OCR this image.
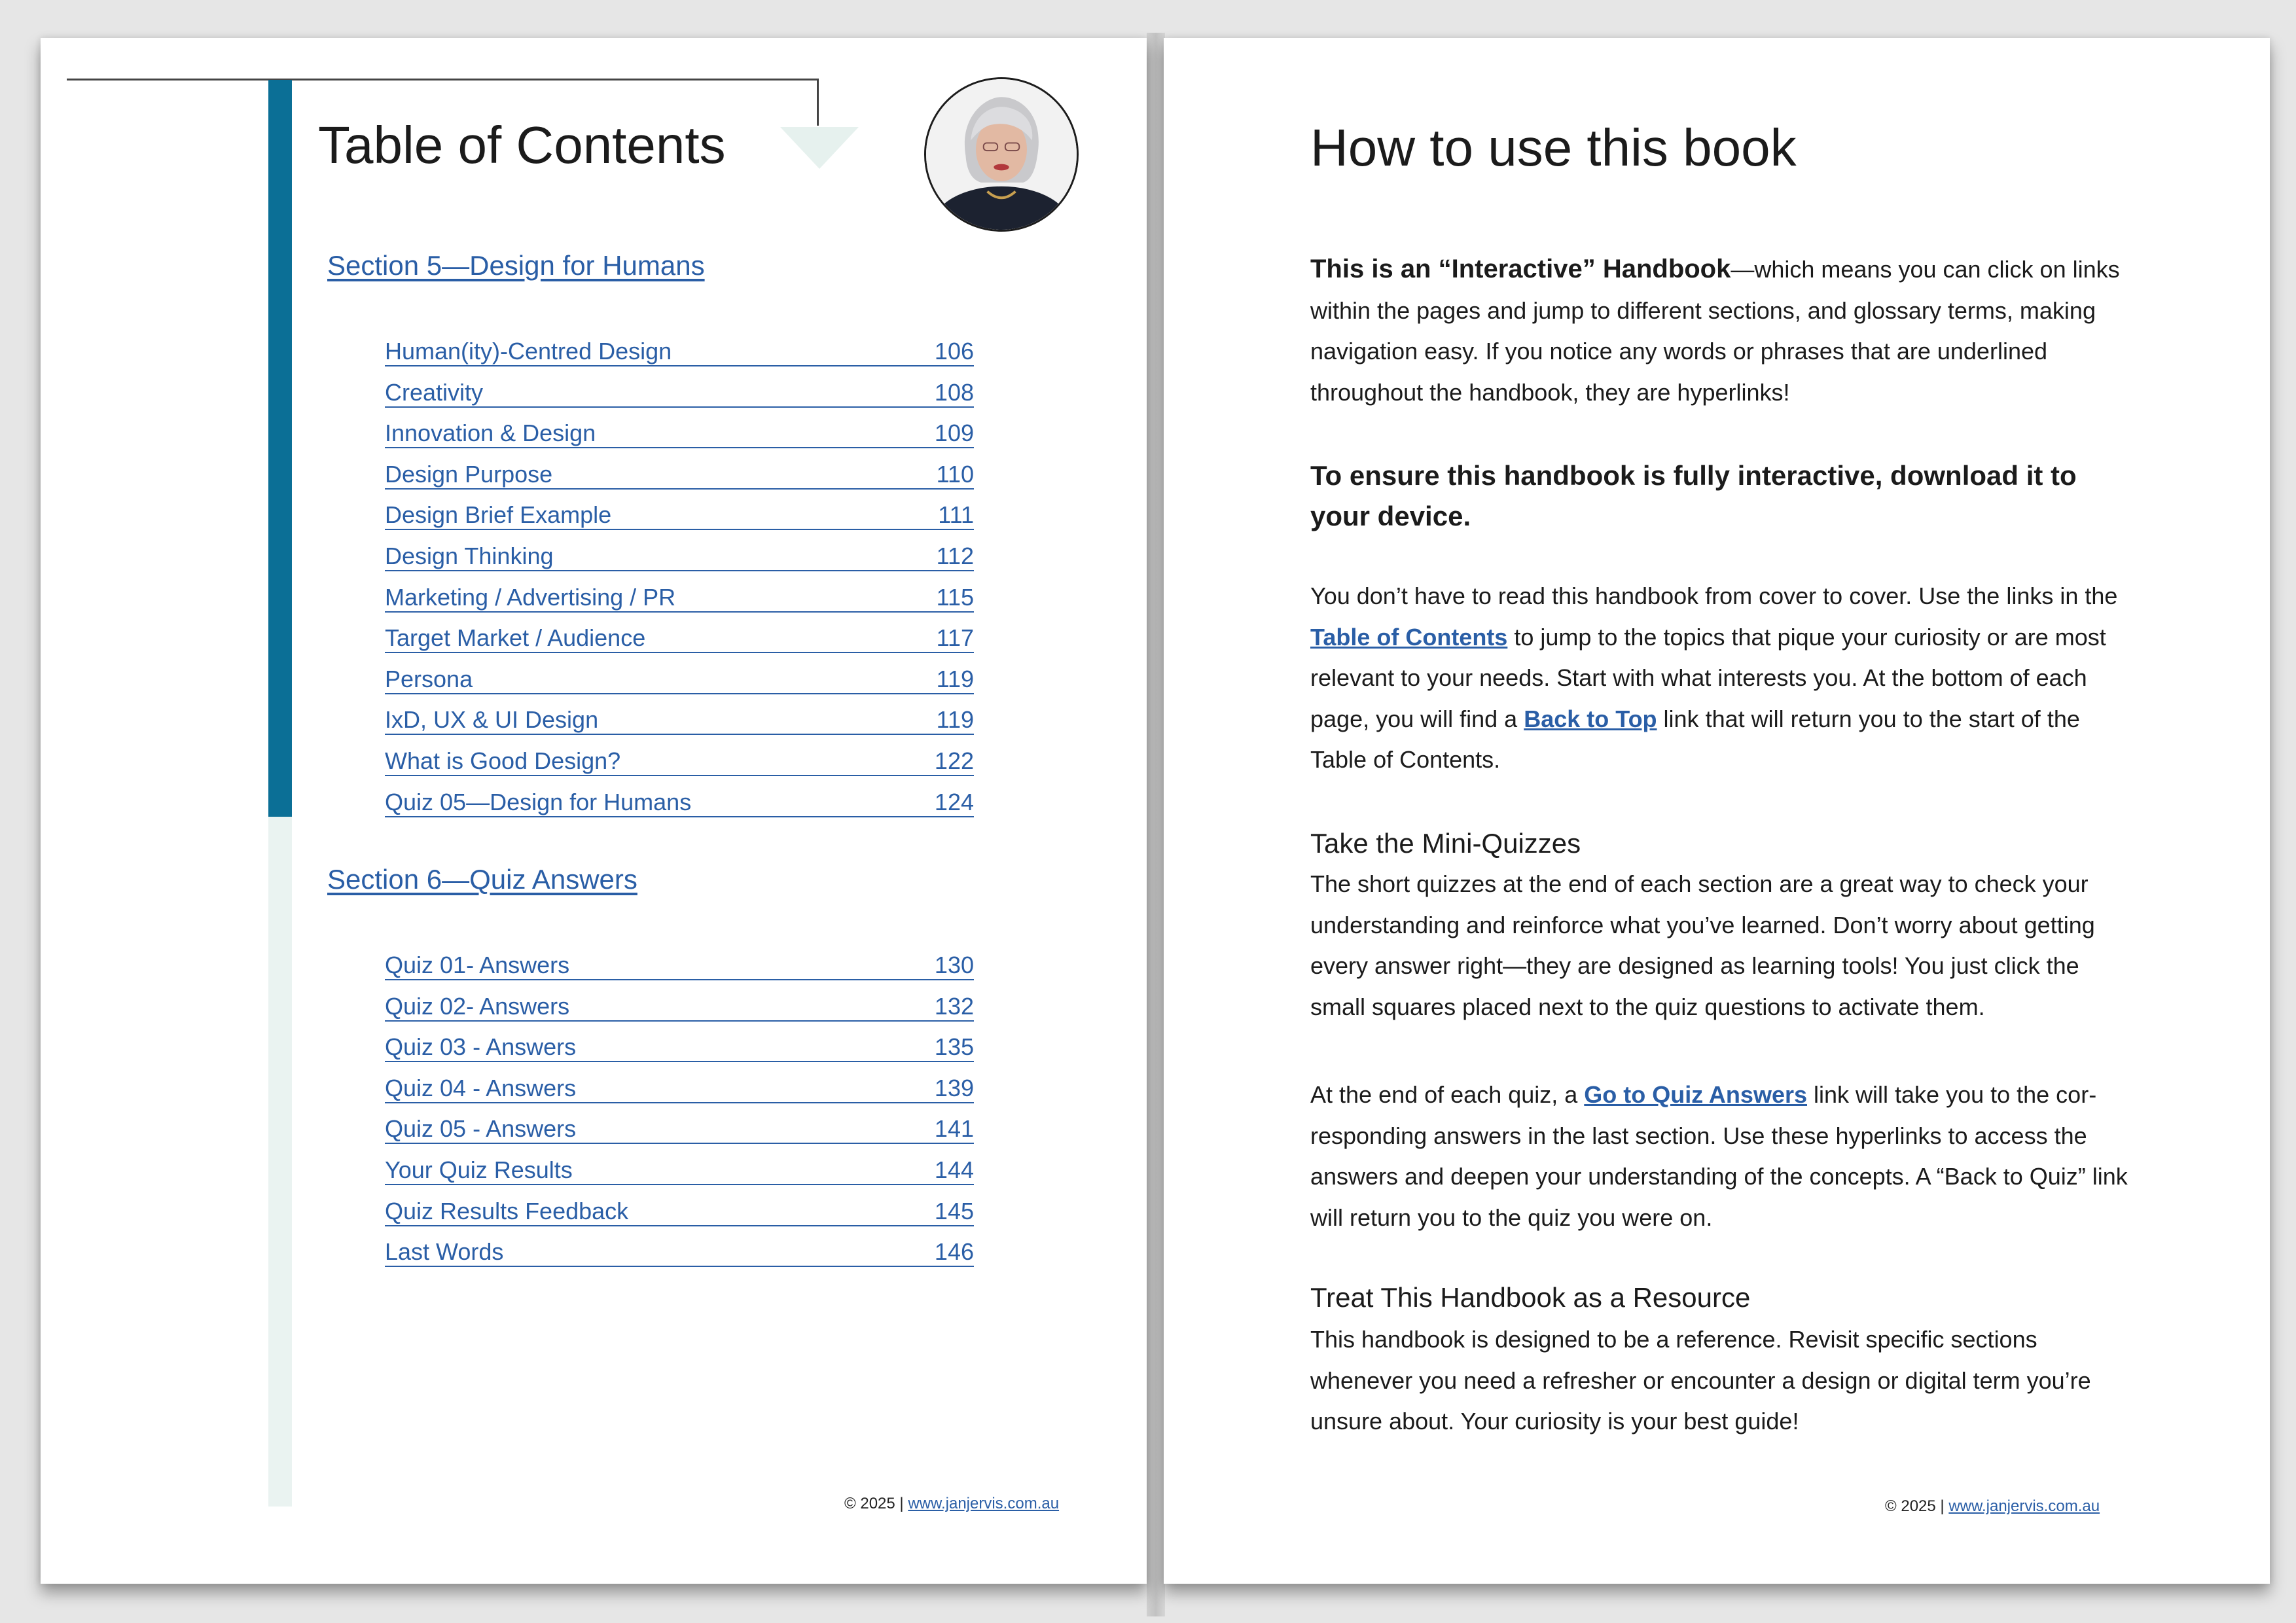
Table of Contents
Section 5—Design for Humans
Human(ity)-Centred Design	106
Creativity	108
Innovation & Design	109
Design Purpose	110
Design Brief Example	111
Design Thinking	112
Marketing / Advertising / PR	115
Target Market / Audience	117
Persona	119
IxD, UX & UI Design	119
What is Good Design?	122
Quiz 05—Design for Humans	124
Section 6—Quiz Answers
Quiz 01- Answers	130
Quiz 02- Answers	132
Quiz 03 - Answers	135
Quiz 04 - Answers	139
Quiz 05 - Answers	141
Your Quiz Results	144
Quiz Results Feedback	145
Last Words	146
© 2025 | www.janjervis.com.au
How to use this book

This is an “Interactive” Handbook—which means you can click on links within the pages and jump to different sections, and glossary terms, making navigation easy. If you notice any words or phrases that are underlined throughout the handbook, they are hyperlinks!

To ensure this handbook is fully interactive, download it to your device.

You don’t have to read this handbook from cover to cover. Use the links in the Table of Contents to jump to the topics that pique your curiosity or are most relevant to your needs. Start with what interests you. At the bottom of each page, you will find a Back to Top link that will return you to the start of the Table of Contents.

Take the Mini-Quizzes

The short quizzes at the end of each section are a great way to check your understanding and reinforce what you’ve learned. Don’t worry about getting every answer right—they are designed as learning tools! You just click the small squares placed next to the quiz questions to activate them.

At the end of each quiz, a Go to Quiz Answers link will take you to the corresponding answers in the last section. Use these hyperlinks to access the answers and deepen your understanding of the concepts. A “Back to Quiz” link will return you to the quiz you were on.

Treat This Handbook as a Resource

This handbook is designed to be a reference. Revisit specific sections whenever you need a refresher or encounter a design or digital term you’re unsure about. Your curiosity is your best guide!

© 2025 | www.janjervis.com.au
